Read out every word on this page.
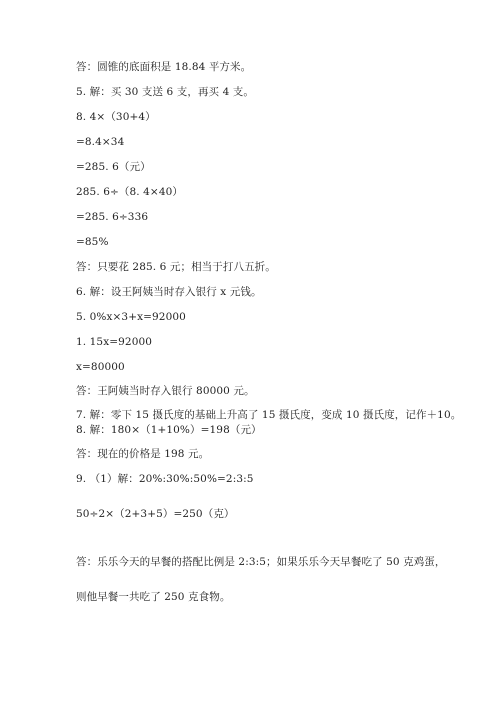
答：圆锥的底面积是 18.84 平方米。
5. 解：买 30 支送 6 支，再买 4 支。
8. 4×（30+4）
=8.4×34
=285. 6（元）
285. 6÷（8. 4×40）
=285. 6÷336
=85%
答：只要花 285. 6 元；相当于打八五折。
6. 解：设王阿姨当时存入银行 x 元钱。
5. 0%x×3+x=92000
1. 15x=92000
x=80000
答：王阿姨当时存入银行 80000 元。
7. 解：零下 15 摄氏度的基础上升高了 15 摄氏度，变成 10 摄氏度，记作＋10。
8. 解：180×（1+10%）=198（元）
答：现在的价格是 198 元。
9. （1）解：20%:30%:50%=2:3:5
50÷2×（2+3+5）=250（克）
答：乐乐今天的早餐的搭配比例是 2:3:5；如果乐乐今天早餐吃了 50 克鸡蛋，
则他早餐一共吃了 250 克食物。
